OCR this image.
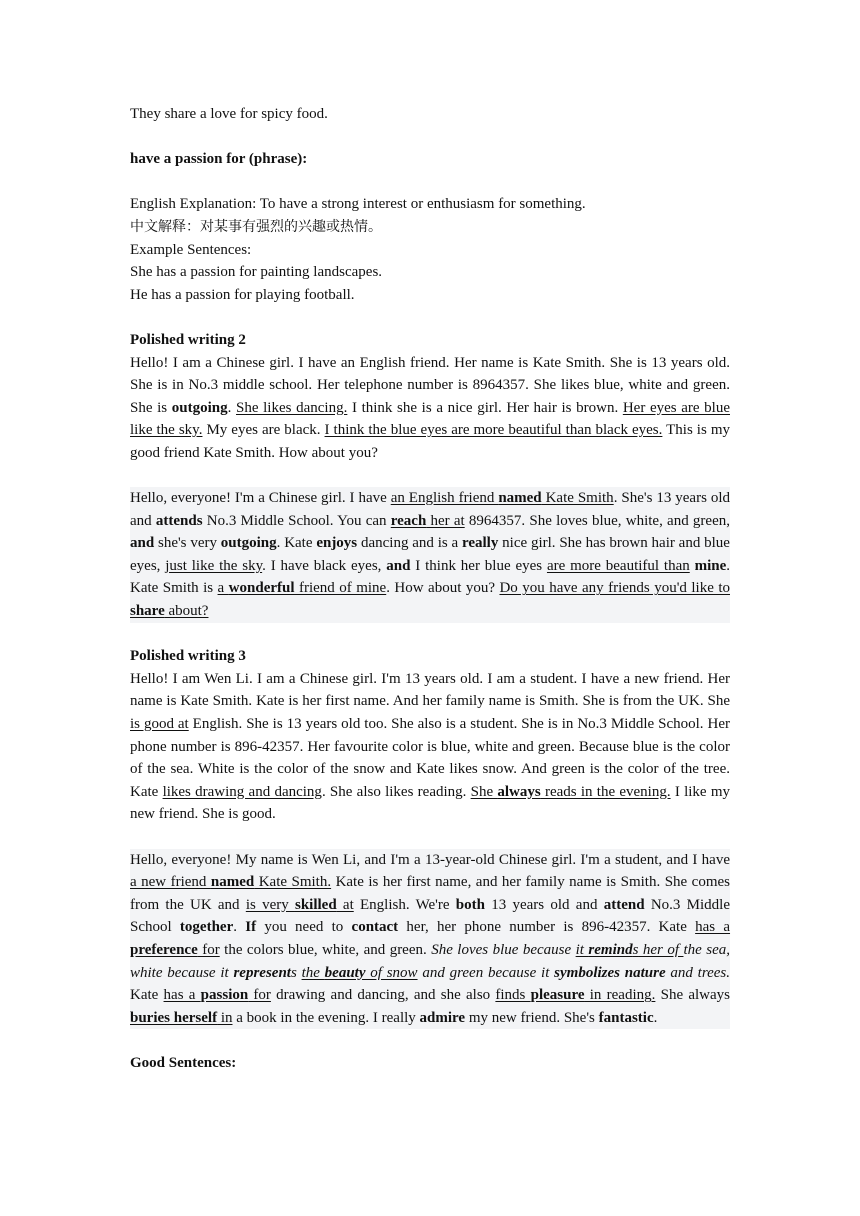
They share a love for spicy food.
have a passion for (phrase):
English Explanation: To have a strong interest or enthusiasm for something.
中文解释：对某事有强烈的兴趣或热情。
Example Sentences:
She has a passion for painting landscapes.
He has a passion for playing football.
Polished writing 2
Hello! I am a Chinese girl. I have an English friend. Her name is Kate Smith. She is 13 years old. She is in No.3 middle school. Her telephone number is 8964357. She likes blue, white and green. She is outgoing. She likes dancing. I think she is a nice girl. Her hair is brown. Her eyes are blue like the sky. My eyes are black. I think the blue eyes are more beautiful than black eyes. This is my good friend Kate Smith. How about you?
Hello, everyone! I'm a Chinese girl. I have an English friend named Kate Smith. She's 13 years old and attends No.3 Middle School. You can reach her at 8964357. She loves blue, white, and green, and she's very outgoing. Kate enjoys dancing and is a really nice girl. She has brown hair and blue eyes, just like the sky. I have black eyes, and I think her blue eyes are more beautiful than mine. Kate Smith is a wonderful friend of mine. How about you? Do you have any friends you'd like to share about?
Polished writing 3
Hello! I am Wen Li. I am a Chinese girl. I'm 13 years old. I am a student. I have a new friend. Her name is Kate Smith. Kate is her first name. And her family name is Smith. She is from the UK. She is good at English. She is 13 years old too. She also is a student. She is in No.3 Middle School. Her phone number is 896-42357. Her favourite color is blue, white and green. Because blue is the color of the sea. White is the color of the snow and Kate likes snow. And green is the color of the tree. Kate likes drawing and dancing. She also likes reading. She always reads in the evening. I like my new friend. She is good.
Hello, everyone! My name is Wen Li, and I'm a 13-year-old Chinese girl. I'm a student, and I have a new friend named Kate Smith. Kate is her first name, and her family name is Smith. She comes from the UK and is very skilled at English. We're both 13 years old and attend No.3 Middle School together. If you need to contact her, her phone number is 896-42357. Kate has a preference for the colors blue, white, and green. She loves blue because it reminds her of the sea, white because it represents the beauty of snow and green because it symbolizes nature and trees. Kate has a passion for drawing and dancing, and she also finds pleasure in reading. She always buries herself in a book in the evening. I really admire my new friend. She's fantastic.
Good Sentences:
